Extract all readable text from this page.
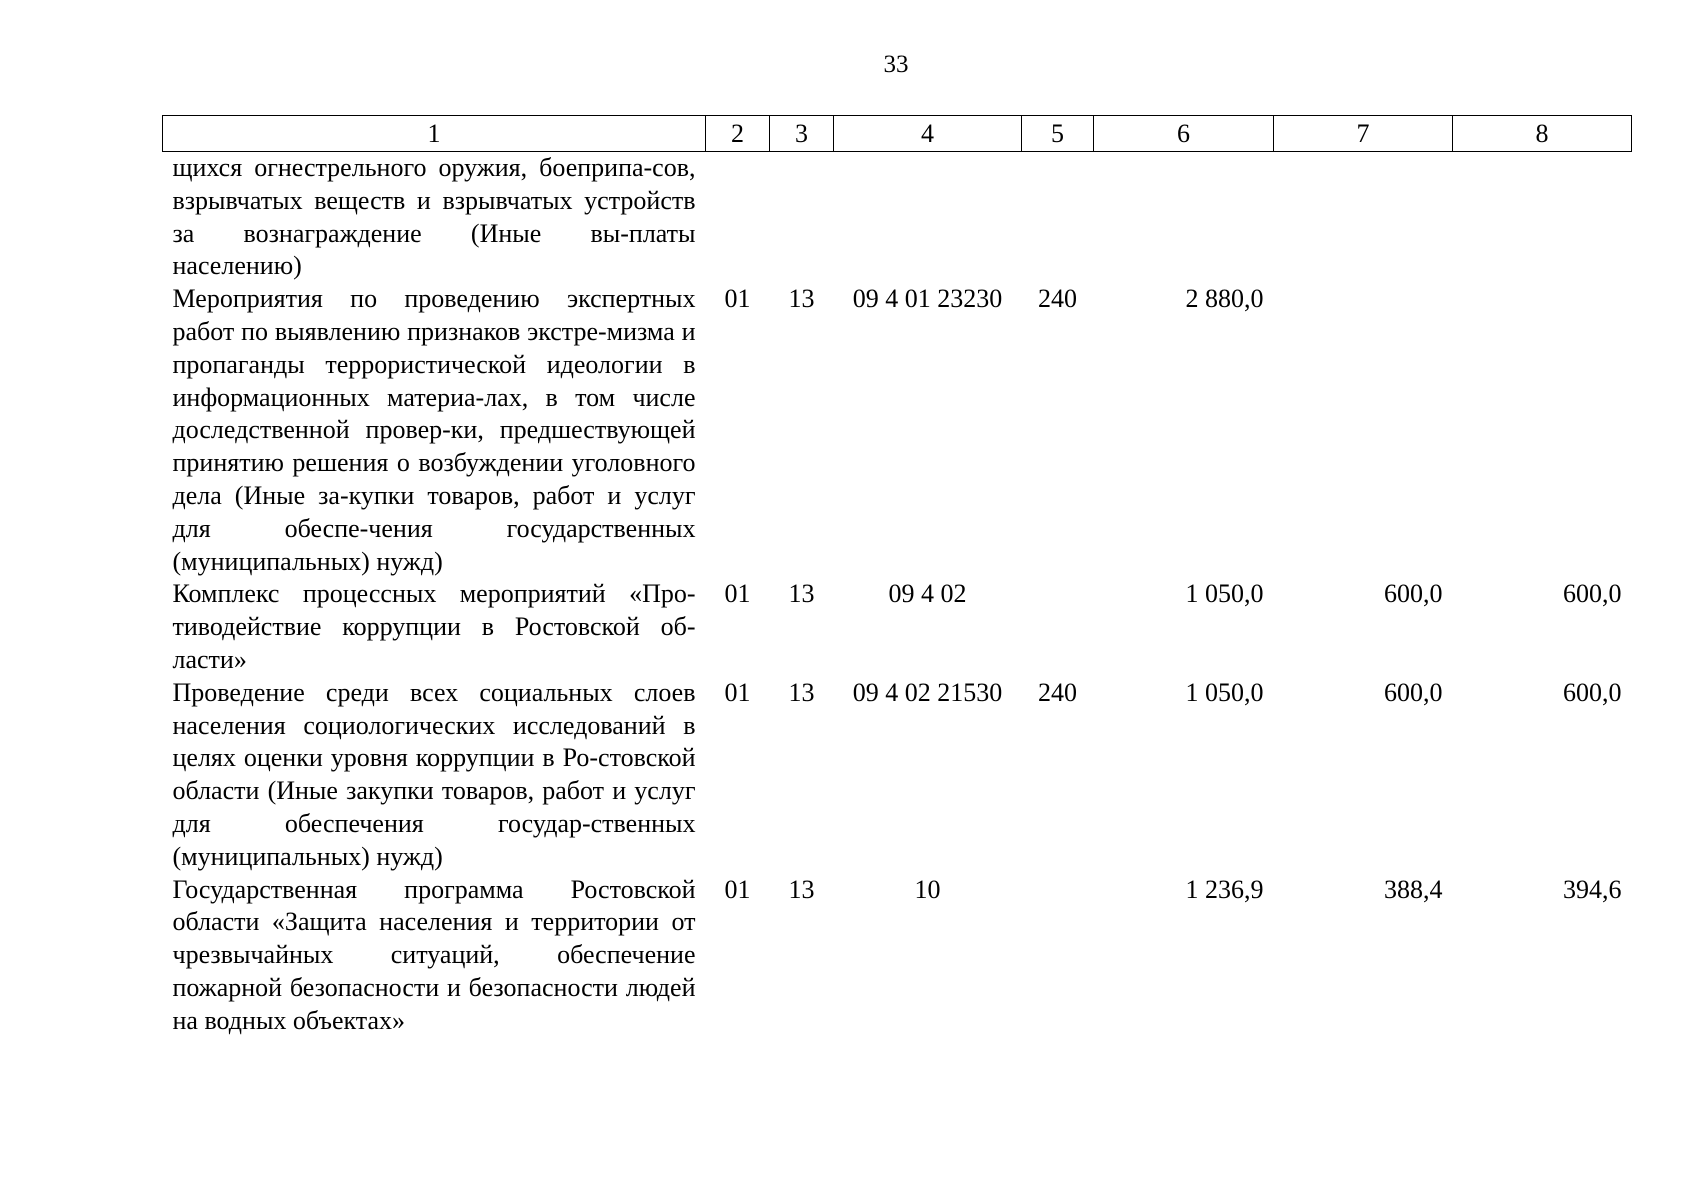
33
1	2	3	4	5	6	7	8
щихся огнестрельного оружия, боеприпа-сов, взрывчатых веществ и взрывчатых устройств за вознаграждение (Иные вы-платы населению)							
Мероприятия по проведению экспертных работ по выявлению признаков экстре-мизма и пропаганды террористической идеологии в информационных материа-лах, в том числе доследственной провер-ки, предшествующей принятию решения о возбуждении уголовного дела (Иные за-купки товаров, работ и услуг для обеспе-чения государственных (муниципальных) нужд)	01	13	09 4 01 23230	240	2 880,0		
Комплекс процессных мероприятий «Про-тиводействие коррупции в Ростовской об-ласти»	01	13	09 4 02		1 050,0	600,0	600,0
Проведение среди всех социальных слоев населения социологических исследований в целях оценки уровня коррупции в Ро-стовской области (Иные закупки товаров, работ и услуг для обеспечения государ-ственных (муниципальных) нужд)	01	13	09 4 02 21530	240	1 050,0	600,0	600,0
Государственная программа Ростовской области «Защита населения и территории от чрезвычайных ситуаций, обеспечение пожарной безопасности и безопасности людей на водных объектах»	01	13	10		1 236,9	388,4	394,6
